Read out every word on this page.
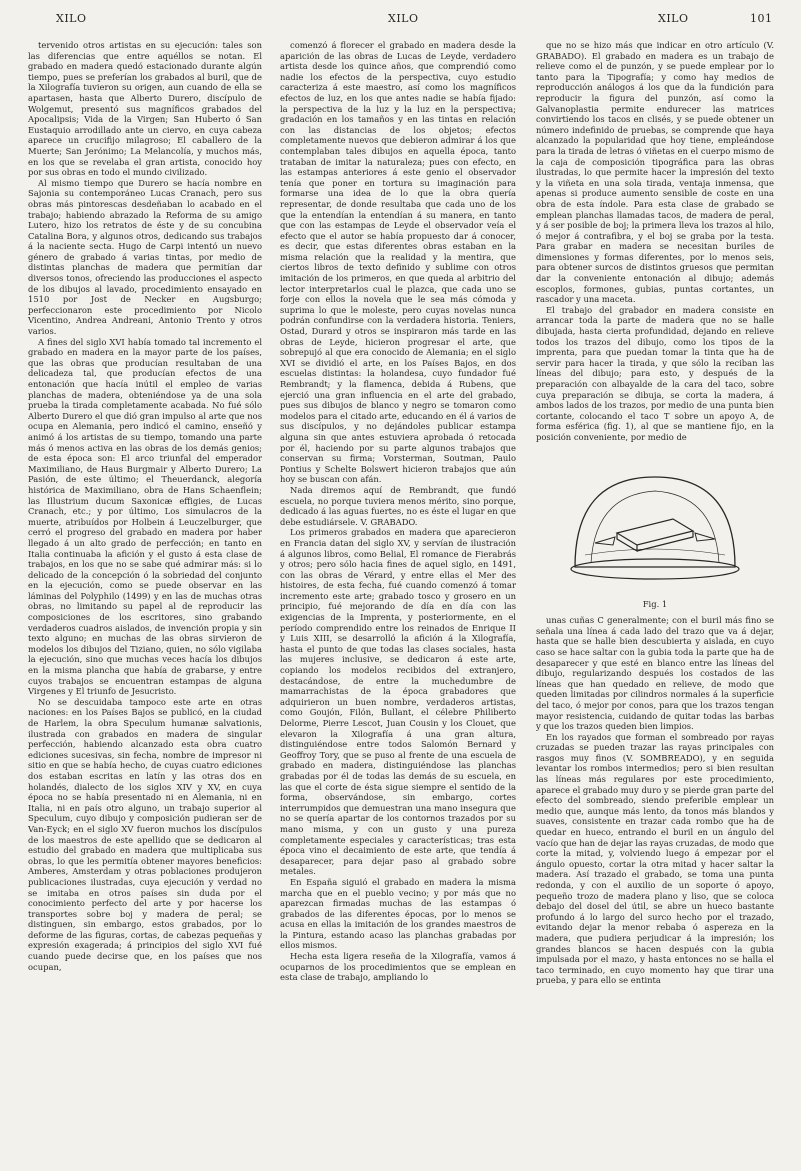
XILO	XILO	XILO	101

tervenido otros artistas en su ejecución: tales son las diferencias que entre aquéllos se notan. El grabado en madera quedó estacionado durante algún tiempo, pues se preferían los grabados al buril, que de la Xilografía tuvieron su origen, aun cuando de ella se apartasen, hasta que Alberto Durero, discípulo de Wolgemut, presentó sus magníficos grabados del Apocalipsis; Vida de la Virgen; San Huberto ó San Eustaquio arrodillado ante un ciervo, en cuya cabeza aparece un crucifijo milagroso; El caballero de la Muerte; San Jerónimo; La Melancolía, y muchos más, en los que se revelaba el gran artista, conocido hoy por sus obras en todo el mundo civilizado.

Al mismo tiempo que Durero se hacía nombre en Sajonia su contemporáneo Lucas Cranach, pero sus obras más pintorescas desdeñaban lo acabado en el trabajo; habiendo abrazado la Reforma de su amigo Lutero, hizo los retratos de éste y de su concubina Catalina Bora, y algunos otros, dedicando sus trabajos á la naciente secta. Hugo de Carpi intentó un nuevo género de grabado á varias tintas, por medio de distintas planchas de madera que permitían dar diversos tonos, ofreciendo las producciones el aspecto de los dibujos al lavado, procedimiento ensayado en 1510 por Jost de Necker en Augsburgo; perfeccionaron este procedimiento por Nicolo Vicentino, Andrea Andreani, Antonio Trento y otros varios.

A fines del siglo XVI había tomado tal incremento el grabado en madera en la mayor parte de los países, que las obras que producían resultaban de una delicadeza tal, que producían efectos de una entonación que hacía inútil el empleo de varias planchas de madera, obteniéndose ya de una sola prueba la tirada completamente acabada. No fué sólo Alberto Durero el que dió gran impulso al arte que nos ocupa en Alemania, pero indicó el camino, enseñó y animó á los artistas de su tiempo, tomando una parte más ó menos activa en las obras de los demás genios; de esta época son: El arco triunfal del emperador Maximiliano, de Haus Burgmair y Alberto Durero; La Pasión, de este último; el Theuerdanck, alegoría histórica de Maximiliano, obra de Hans Schaenflein; las Illustrium ducum Saxonicæ effigies, de Lucas Cranach, etc.; y por último, Los simulacros de la muerte, atribuídos por Holbein á Leuczelburger, que cerró el progreso del grabado en madera por haber llegado á un alto grado de perfección; en tanto en Italia continuaba la afición y el gusto á esta clase de trabajos, en los que no se sabe qué admirar más: si lo delicado de la concepción ó la sobriedad del conjunto en la ejecución, como se puede observar en las láminas del Polyphilo (1499) y en las de muchas otras obras, no limitando su papel al de reproducir las composiciones de los escritores, sino grabando verdaderos cuadros aislados, de invención propia y sin texto alguno; en muchas de las obras sirvieron de modelos los dibujos del Tiziano, quien, no sólo vigilaba la ejecución, sino que muchas veces hacía los dibujos en la misma plancha que había de grabarse, y entre cuyos trabajos se encuentran estampas de alguna Virgenes y El triunfo de Jesucristo.

No se descuidaba tampoco este arte en otras naciones: en los Países Bajos se publicó, en la ciudad de Harlem, la obra Speculum humanæ salvationis, ilustrada con grabados en madera de singular perfección, habiendo alcanzado esta obra cuatro ediciones sucesivas, sin fecha, nombre de impresor ni sitio en que se había hecho, de cuyas cuatro ediciones dos estaban escritas en latín y las otras dos en holandés, dialecto de los siglos XIV y XV, en cuya época no se había presentado ni en Alemania, ni en Italia, ni en país otro alguno, un trabajo superior al Speculum, cuyo dibujo y composición pudieran ser de Van-Eyck; en el siglo XV fueron muchos los discípulos de los maestros de este apellido que se dedicaron al estudio del grabado en madera que multiplicaba sus obras, lo que les permitía obtener mayores beneficios: Amberes, Amsterdam y otras poblaciones produjeron publicaciones ilustradas, cuya ejecución y verdad no se imitaba en otros países sin duda por el conocimiento perfecto del arte y por hacerse los transportes sobre boj y madera de peral; se distinguen, sin embargo, estos grabados, por lo deforme de las figuras, cortas, de cabezas pequeñas y expresión exagerada; á principios del siglo XVI fué cuando puede decirse que, en los países que nos ocupan,

comenzó á florecer el grabado en madera desde la aparición de las obras de Lucas de Leyde, verdadero artista desde los quince años, que comprendió como nadie los efectos de la perspectiva, cuyo estudio caracteriza á este maestro, así como los magníficos efectos de luz, en los que antes nadie se había fijado: la perspectiva de la luz y la luz en la perspectiva; gradación en los tamaños y en las tintas en relación con las distancias de los objetos; efectos completamente nuevos que debieron admirar á los que contemplaban tales dibujos en aquella época, tanto trataban de imitar la naturaleza; pues con efecto, en las estampas anteriores á este genio el observador tenía que poner en tortura su imaginación para formarse una idea de lo que la obra quería representar, de donde resultaba que cada uno de los que la entendían la entendían á su manera, en tanto que con las estampas de Leyde el observador veía el efecto que el autor se había propuesto dar á conocer, es decir, que estas diferentes obras estaban en la misma relación que la realidad y la mentira, que ciertos libros de texto definido y sublime con otros imitación de los primeros, en que queda al arbitrio del lector interpretarlos cual le plazca, que cada uno se forje con ellos la novela que le sea más cómoda y suprima lo que le moleste, pero cuyas novelas nunca podrán confundirse con la verdadera historia. Teniers, Ostad, Durard y otros se inspiraron más tarde en las obras de Leyde, hicieron progresar el arte, que sobrepujó al que era conocido de Alemania; en el siglo XVI se dividió el arte, en los Países Bajos, en dos escuelas distintas: la holandesa, cuyo fundador fué Rembrandt; y la flamenca, debida á Rubens, que ejerció una gran influencia en el arte del grabado, pues sus dibujos de blanco y negro se tomaron como modelos para el citado arte, educando en él á varios de sus discípulos, y no dejándoles publicar estampa alguna sin que antes estuviera aprobada ó retocada por él, haciendo por su parte algunos trabajos que conservan su firma; Vorsterman, Soutman, Paulo Pontius y Schelte Bolswert hicieron trabajos que aún hoy se buscan con afán.

Nada diremos aquí de Rembrandt, que fundó escuela, no porque tuviera menos mérito, sino porque, dedicado á las aguas fuertes, no es éste el lugar en que debe estudiársele. V. GRABADO.

Los primeros grabados en madera que aparecieron en Francia datan del siglo XV, y servían de ilustración á algunos libros, como Belial, El romance de Fierabrás y otros; pero sólo hacia fines de aquel siglo, en 1491, con las obras de Vérard, y entre ellas el Mer des histoires, de esta fecha, fué cuando comenzó á tomar incremento este arte; grabado tosco y grosero en un principio, fué mejorando de día en día con las exigencias de la Imprenta, y posteriormente, en el período comprendido entre los reinados de Enrique II y Luis XIII, se desarrolló la afición á la Xilografía, hasta el punto de que todas las clases sociales, hasta las mujeres inclusive, se dedicaron á este arte, copiando los modelos recibidos del extranjero, destacándose, de entre la muchedumbre de mamarrachistas de la época grabadores que adquirieron un buen nombre, verdaderos artistas, como Goujón, Filón, Bullant, el célebre Philiberto Delorme, Pierre Lescot, Juan Cousin y los Clouet, que elevaron la Xilografía á una gran altura, distinguiéndose entre todos Salomón Bernard y Geoffroy Tory, que se puso al frente de una escuela de grabado en madera, distinguiéndose las planchas grabadas por él de todas las demás de su escuela, en las que el corte de ésta sigue siempre el sentido de la forma, observándose, sin embargo, cortes interrumpidos que demuestran una mano insegura que no se quería apartar de los contornos trazados por su mano misma, y con un gusto y una pureza completamente especiales y características; tras esta época vino el decaimiento de este arte, que tendía á desaparecer, para dejar paso al grabado sobre metales.

En España siguió el grabado en madera la misma marcha que en el pueblo vecino; y por más que no aparezcan firmadas muchas de las estampas ó grabados de las diferentes épocas, por lo menos se acusa en ellas la imitación de los grandes maestros de la Pintura, estando acaso las planchas grabadas por ellos mismos.

Hecha esta ligera reseña de la Xilografía, vamos á ocuparnos de los procedimientos que se emplean en esta clase de trabajo, ampliando lo

que no se hizo más que indicar en otro artículo (V. GRABADO). El grabado en madera es un trabajo de relieve como el de punzón, y se puede emplear por lo tanto para la Tipografía; y como hay medios de reproducción análogos á los que da la fundición para reproducir la figura del punzón, así como la Galvanoplastia permite endurecer las matrices convirtiendo los tacos en clisés, y se puede obtener un número indefinido de pruebas, se comprende que haya alcanzado la popularidad que hoy tiene, empleándose para la tirada de letras ó viñetas en el cuerpo mismo de la caja de composición tipográfica para las obras ilustradas, lo que permite hacer la impresión del texto y la viñeta en una sola tirada, ventaja inmensa, que apenas si produce aumento sensible de coste en una obra de esta índole. Para esta clase de grabado se emplean planchas llamadas tacos, de madera de peral, y á ser posible de boj; la primera lleva los trazos al hilo, ó mejor á contrafibra, y el boj se graba por la testa. Para grabar en madera se necesitan buriles de dimensiones y formas diferentes, por lo menos seis, para obtener surcos de distintos gruesos que permitan dar la conveniente entonación al dibujo; además escoplos, formones, gubias, puntas cortantes, un rascador y una maceta.

El trabajo del grabador en madera consiste en arrancar toda la parte de madera que no se halle dibujada, hasta cierta profundidad, dejando en relieve todos los trazos del dibujo, como los tipos de la imprenta, para que puedan tomar la tinta que ha de servir para hacer la tirada, y que sólo la reciban las líneas del dibujo; para esto, y después de la preparación con albayalde de la cara del taco, sobre cuya preparación se dibuja, se corta la madera, á ambos lados de los trazos, por medio de una punta bien cortante, colocando el taco T sobre un apoyo A, de forma esférica (fig. 1), al que se mantiene fijo, en la posición conveniente, por medio de

Fig. 1

unas cuñas C generalmente; con el buril más fino se señala una línea á cada lado del trazo que va á dejar, hasta que se halle bien descubierta y aislada, en cuyo caso se hace saltar con la gubia toda la parte que ha de desaparecer y que esté en blanco entre las líneas del dibujo, regularizando después los costados de las líneas que han quedado en relieve, de modo que queden limitadas por cilindros normales á la superficie del taco, ó mejor por conos, para que los trazos tengan mayor resistencia, cuidando de quitar todas las barbas y que los trazos queden bien limpios.

En los rayados que forman el sombreado por rayas cruzadas se pueden trazar las rayas principales con rasgos muy finos (V. SOMBREADO), y en seguida levantar los rombos intermedios; pero si bien resultan las líneas más regulares por este procedimiento, aparece el grabado muy duro y se pierde gran parte del efecto del sombreado, siendo preferible emplear un medio que, aunque más lento, da tonos más blandos y suaves, consistente en trazar cada rombo que ha de quedar en hueco, entrando el buril en un ángulo del vacío que han de dejar las rayas cruzadas, de modo que corte la mitad, y, volviendo luego á empezar por el ángulo opuesto, cortar la otra mitad y hacer saltar la madera. Así trazado el grabado, se toma una punta redonda, y con el auxilio de un soporte ó apoyo, pequeño trozo de madera plano y liso, que se coloca debajo del dosel del útil, se abre un hueco bastante profundo á lo largo del surco hecho por el trazado, evitando dejar la menor rebaba ó aspereza en la madera, que pudiera perjudicar á la impresión; los grandes blancos se hacen después con la gubia impulsada por el mazo, y hasta entonces no se halla el taco terminado, en cuyo momento hay que tirar una prueba, y para ello se entinta
